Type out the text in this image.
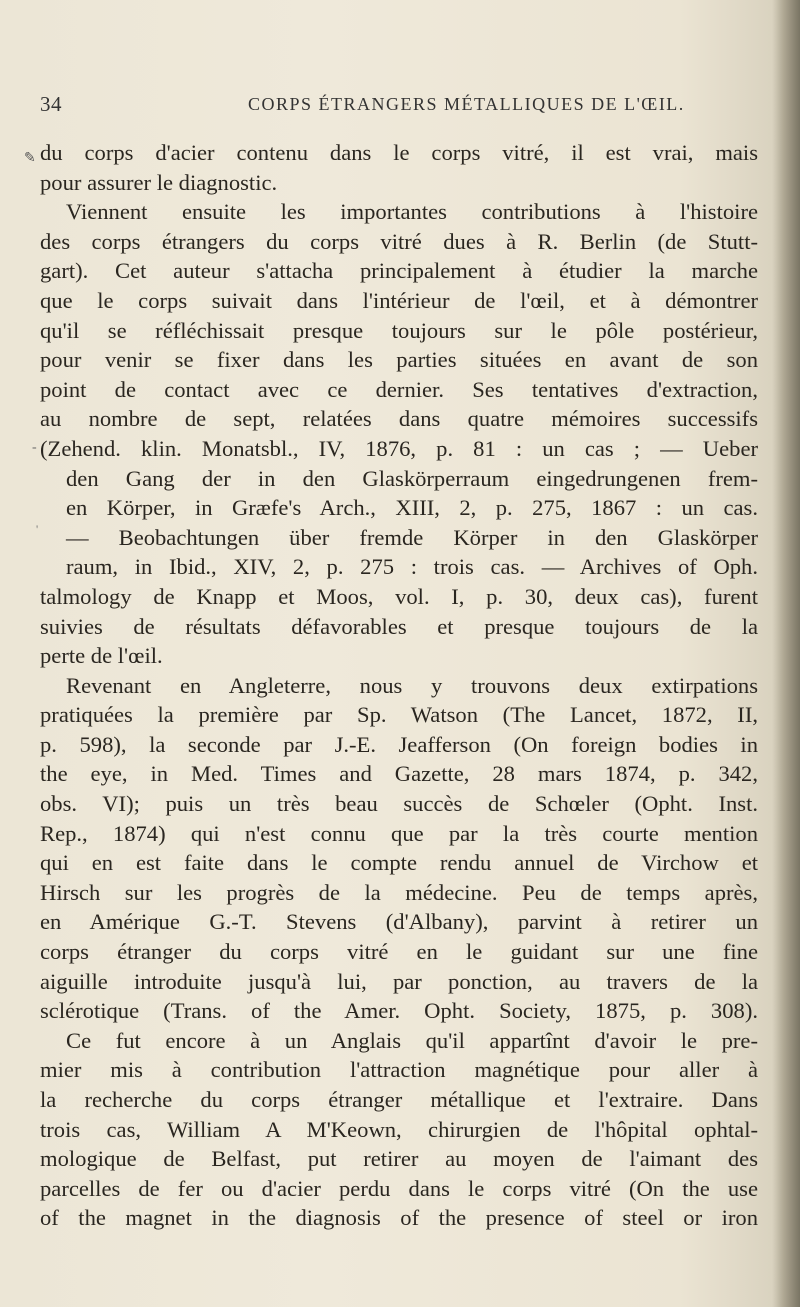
34	CORPS ÉTRANGERS MÉTALLIQUES DE L'ŒIL.
✎
-
'
du corps d'acier contenu dans le corps vitré, il est vrai, mais
pour assurer le diagnostic.
Viennent ensuite les importantes contributions à l'histoire
des corps étrangers du corps vitré dues à R. Berlin (de Stutt-
gart). Cet auteur s'attacha principalement à étudier la marche
que le corps suivait dans l'intérieur de l'œil, et à démontrer
qu'il se réfléchissait presque toujours sur le pôle postérieur,
pour venir se fixer dans les parties situées en avant de son
point de contact avec ce dernier. Ses tentatives d'extraction,
au nombre de sept, relatées dans quatre mémoires successifs
(Zehend. klin. Monatsbl., IV, 1876, p. 81 : un cas ; — Ueber
den Gang der in den Glaskörperraum eingedrungenen frem-
en Körper, in Græfe's Arch., XIII, 2, p. 275, 1867 : un cas.
— Beobachtungen über fremde Körper in den Glaskörper
raum, in Ibid., XIV, 2, p. 275 : trois cas. — Archives of Oph.
talmology de Knapp et Moos, vol. I, p. 30, deux cas), furent
suivies de résultats défavorables et presque toujours de la
perte de l'œil.
Revenant en Angleterre, nous y trouvons deux extirpations
pratiquées la première par Sp. Watson (The Lancet, 1872, II,
p. 598), la seconde par J.-E. Jeafferson (On foreign bodies in
the eye, in Med. Times and Gazette, 28 mars 1874, p. 342,
obs. VI); puis un très beau succès de Schœler (Opht. Inst.
Rep., 1874) qui n'est connu que par la très courte mention
qui en est faite dans le compte rendu annuel de Virchow et
Hirsch sur les progrès de la médecine. Peu de temps après,
en Amérique G.-T. Stevens (d'Albany), parvint à retirer un
corps étranger du corps vitré en le guidant sur une fine
aiguille introduite jusqu'à lui, par ponction, au travers de la
sclérotique (Trans. of the Amer. Opht. Society, 1875, p. 308).
Ce fut encore à un Anglais qu'il appartînt d'avoir le pre-
mier mis à contribution l'attraction magnétique pour aller à
la recherche du corps étranger métallique et l'extraire. Dans
trois cas, William A M'Keown, chirurgien de l'hôpital ophtal-
mologique de Belfast, put retirer au moyen de l'aimant des
parcelles de fer ou d'acier perdu dans le corps vitré (On the use
of the magnet in the diagnosis of the presence of steel or iron
